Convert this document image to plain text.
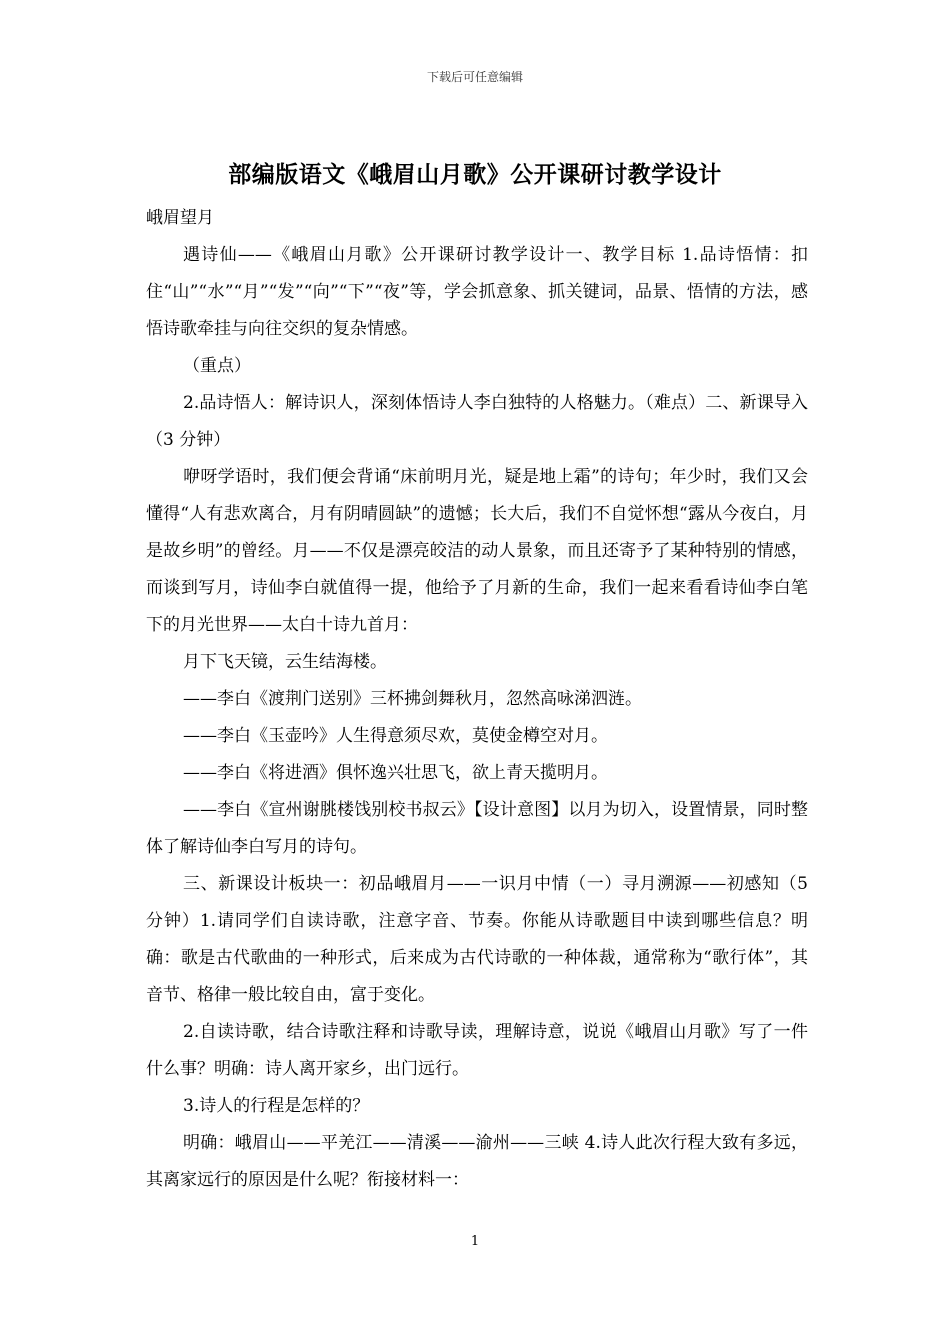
下载后可任意编辑
部编版语文《峨眉山月歌》公开课研讨教学设计

峨眉望月

遇诗仙——《峨眉山月歌》公开课研讨教学设计一、教学目标 1.品诗悟情：扣住“山”“水”“月”“发”“向”“下”“夜”等，学会抓意象、抓关键词，品景、悟情的方法，感悟诗歌牵挂与向往交织的复杂情感。

（重点）

2.品诗悟人：解诗识人，深刻体悟诗人李白独特的人格魅力。（难点）二、新课导入（3 分钟）

咿呀学语时，我们便会背诵“床前明月光，疑是地上霜”的诗句；年少时，我们又会懂得“人有悲欢离合，月有阴晴圆缺”的遗憾；长大后，我们不自觉怀想“露从今夜白，月是故乡明”的曾经。月——不仅是漂亮皎洁的动人景象，而且还寄予了某种特别的情感，而谈到写月，诗仙李白就值得一提，他给予了月新的生命，我们一起来看看诗仙李白笔下的月光世界——太白十诗九首月：

月下飞天镜，云生结海楼。

——李白《渡荆门送别》三杯拂剑舞秋月，忽然高咏涕泗涟。

——李白《玉壶吟》人生得意须尽欢，莫使金樽空对月。

——李白《将进酒》俱怀逸兴壮思飞，欲上青天揽明月。

——李白《宣州谢朓楼饯别校书叔云》【设计意图】以月为切入，设置情景，同时整体了解诗仙李白写月的诗句。

三、新课设计板块一：初品峨眉月——一识月中情（一）寻月溯源——初感知（5 分钟）1.请同学们自读诗歌，注意字音、节奏。你能从诗歌题目中读到哪些信息？明确：歌是古代歌曲的一种形式，后来成为古代诗歌的一种体裁，通常称为“歌行体”，其音节、格律一般比较自由，富于变化。

2.自读诗歌，结合诗歌注释和诗歌导读，理解诗意，说说《峨眉山月歌》写了一件什么事？明确：诗人离开家乡，出门远行。

3.诗人的行程是怎样的？

明确：峨眉山——平羌江——清溪——渝州——三峡 4.诗人此次行程大致有多远，其离家远行的原因是什么呢？衔接材料一：

1
